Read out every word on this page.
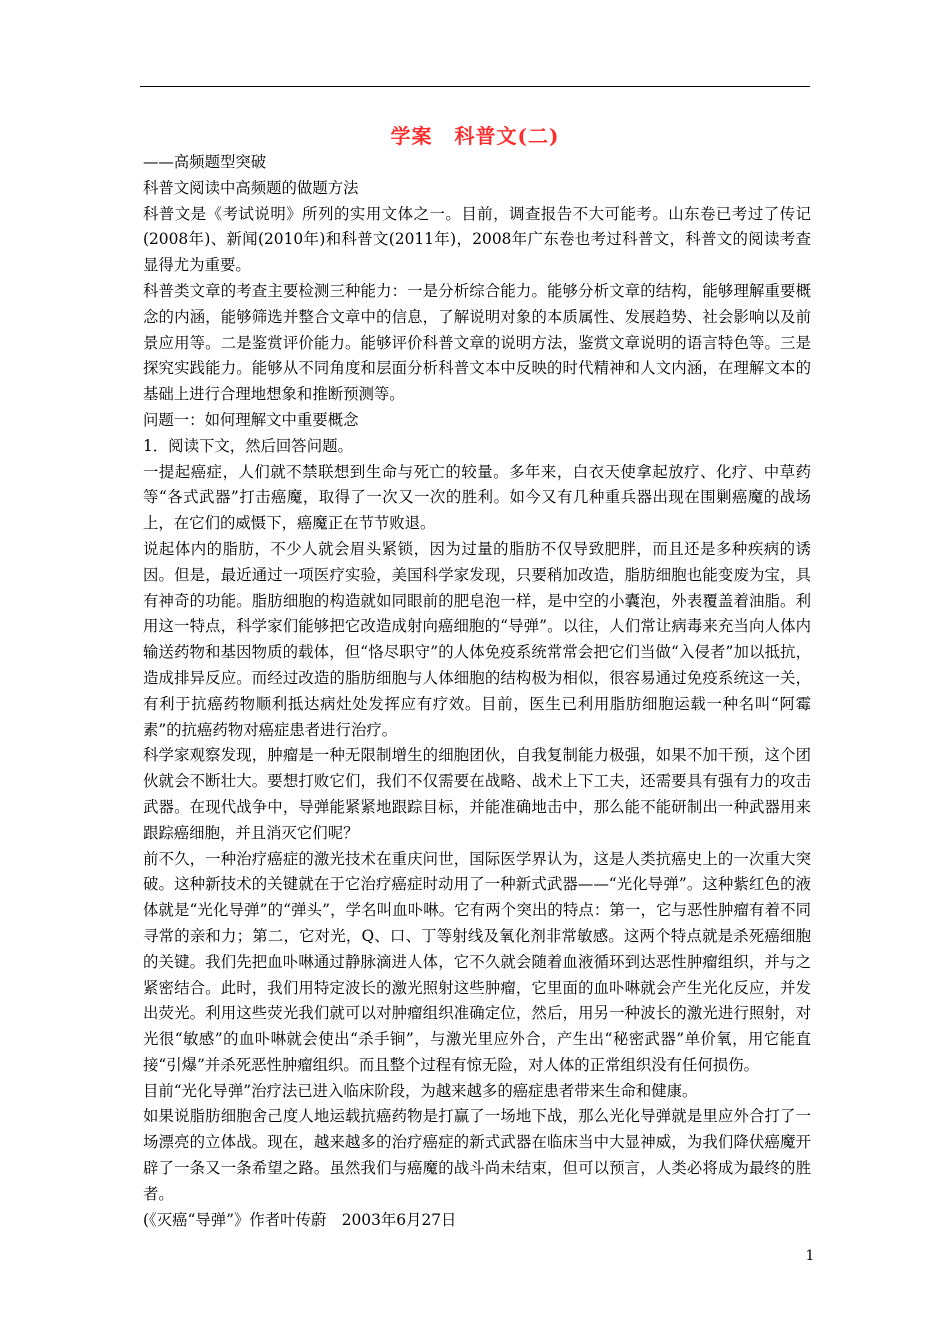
学案 科普文(二)

——高频题型突破

科普文阅读中高频题的做题方法

科普文是《考试说明》所列的实用文体之一。目前，调查报告不大可能考。山东卷已考过了传记(2008年)、新闻(2010年)和科普文(2011年)，2008年广东卷也考过科普文，科普文的阅读考查显得尤为重要。

科普类文章的考查主要检测三种能力：一是分析综合能力。能够分析文章的结构，能够理解重要概念的内涵，能够筛选并整合文章中的信息，了解说明对象的本质属性、发展趋势、社会影响以及前景应用等。二是鉴赏评价能力。能够评价科普文章的说明方法，鉴赏文章说明的语言特色等。三是探究实践能力。能够从不同角度和层面分析科普文本中反映的时代精神和人文内涵，在理解文本的基础上进行合理地想象和推断预测等。

问题一：如何理解文中重要概念

1．阅读下文，然后回答问题。

一提起癌症，人们就不禁联想到生命与死亡的较量。多年来，白衣天使拿起放疗、化疗、中草药等“各式武器”打击癌魔，取得了一次又一次的胜利。如今又有几种重兵器出现在围剿癌魔的战场上，在它们的威慑下，癌魔正在节节败退。

说起体内的脂肪，不少人就会眉头紧锁，因为过量的脂肪不仅导致肥胖，而且还是多种疾病的诱因。但是，最近通过一项医疗实验，美国科学家发现，只要稍加改造，脂肪细胞也能变废为宝，具有神奇的功能。脂肪细胞的构造就如同眼前的肥皂泡一样，是中空的小囊泡，外表覆盖着油脂。利用这一特点，科学家们能够把它改造成射向癌细胞的“导弹”。以往，人们常让病毒来充当向人体内输送药物和基因物质的载体，但“恪尽职守”的人体免疫系统常常会把它们当做“入侵者”加以抵抗，造成排异反应。而经过改造的脂肪细胞与人体细胞的结构极为相似，很容易通过免疫系统这一关，有利于抗癌药物顺利抵达病灶处发挥应有疗效。目前，医生已利用脂肪细胞运载一种名叫“阿霉素”的抗癌药物对癌症患者进行治疗。

科学家观察发现，肿瘤是一种无限制增生的细胞团伙，自我复制能力极强，如果不加干预，这个团伙就会不断壮大。要想打败它们，我们不仅需要在战略、战术上下工夫，还需要具有强有力的攻击武器。在现代战争中，导弹能紧紧地跟踪目标，并能准确地击中，那么能不能研制出一种武器用来跟踪癌细胞，并且消灭它们呢？

前不久，一种治疗癌症的激光技术在重庆问世，国际医学界认为，这是人类抗癌史上的一次重大突破。这种新技术的关键就在于它治疗癌症时动用了一种新式武器——“光化导弹”。这种紫红色的液体就是“光化导弹”的“弹头”，学名叫血卟啉。它有两个突出的特点：第一，它与恶性肿瘤有着不同寻常的亲和力；第二，它对光，Q、口、丁等射线及氧化剂非常敏感。这两个特点就是杀死癌细胞的关键。我们先把血卟啉通过静脉滴进人体，它不久就会随着血液循环到达恶性肿瘤组织，并与之紧密结合。此时，我们用特定波长的激光照射这些肿瘤，它里面的血卟啉就会产生光化反应，并发出荧光。利用这些荧光我们就可以对肿瘤组织准确定位，然后，用另一种波长的激光进行照射，对光很“敏感”的血卟啉就会使出“杀手锏”，与激光里应外合，产生出“秘密武器”单价氧，用它能直接“引爆”并杀死恶性肿瘤组织。而且整个过程有惊无险，对人体的正常组织没有任何损伤。

目前“光化导弹”治疗法已进入临床阶段，为越来越多的癌症患者带来生命和健康。

如果说脂肪细胞舍己度人地运载抗癌药物是打赢了一场地下战，那么光化导弹就是里应外合打了一场漂亮的立体战。现在，越来越多的治疗癌症的新式武器在临床当中大显神威，为我们降伏癌魔开辟了一条又一条希望之路。虽然我们与癌魔的战斗尚未结束，但可以预言，人类必将成为最终的胜者。

(《灭癌“导弹”》作者叶传蔚　2003年6月27日

1
